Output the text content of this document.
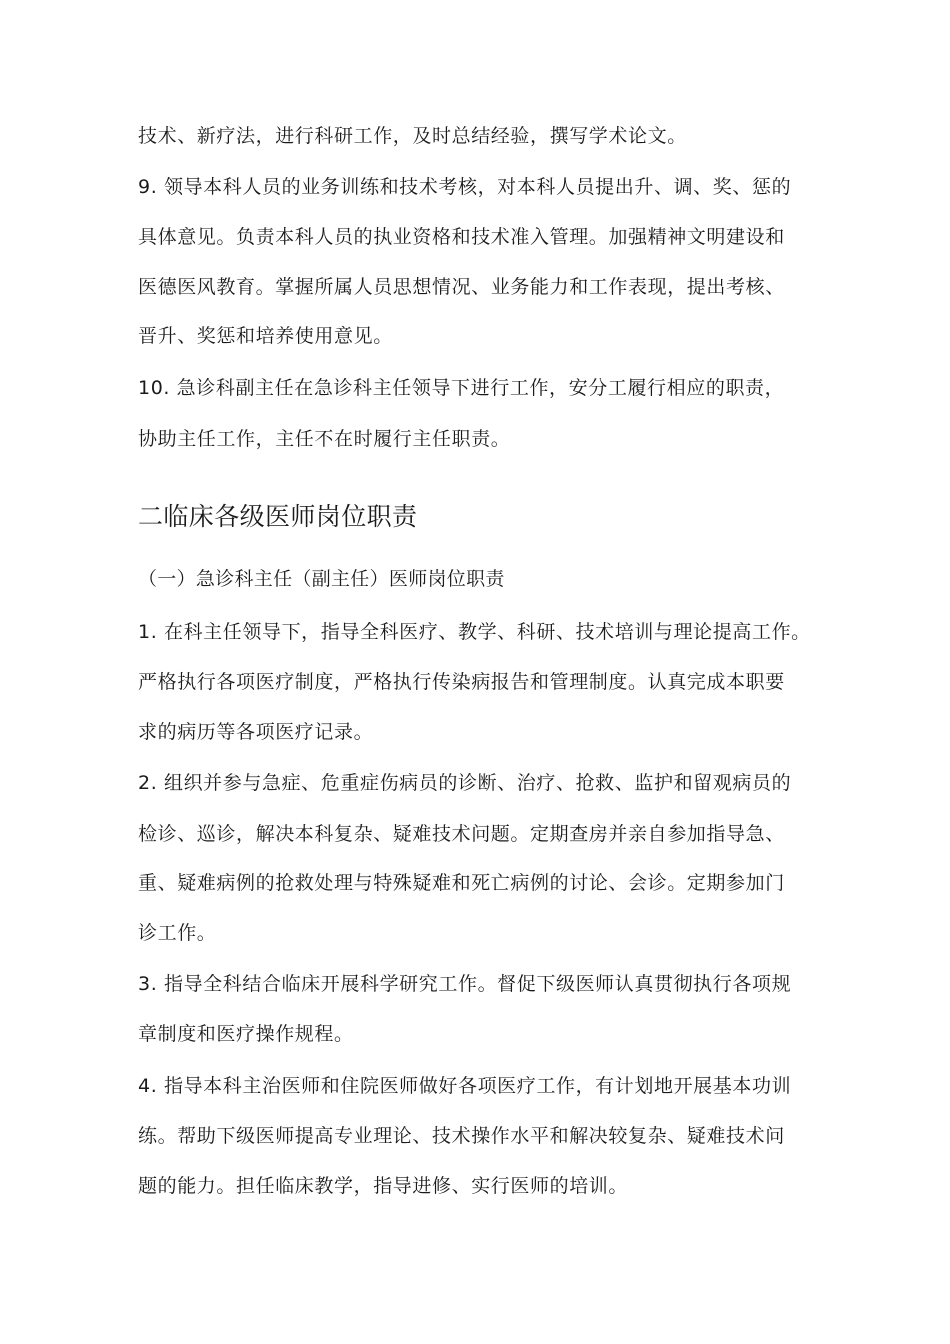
技术、新疗法，进行科研工作，及时总结经验，撰写学术论文。
9. 领导本科人员的业务训练和技术考核，对本科人员提出升、调、奖、惩的
具体意见。负责本科人员的执业资格和技术准入管理。加强精神文明建设和
医德医风教育。掌握所属人员思想情况、业务能力和工作表现，提出考核、
晋升、奖惩和培养使用意见。
10. 急诊科副主任在急诊科主任领导下进行工作，安分工履行相应的职责，
协助主任工作，主任不在时履行主任职责。
二临床各级医师岗位职责
（一）急诊科主任（副主任）医师岗位职责
1. 在科主任领导下，指导全科医疗、教学、科研、技术培训与理论提高工作。
严格执行各项医疗制度，严格执行传染病报告和管理制度。认真完成本职要
求的病历等各项医疗记录。
2. 组织并参与急症、危重症伤病员的诊断、治疗、抢救、监护和留观病员的
检诊、巡诊，解决本科复杂、疑难技术问题。定期查房并亲自参加指导急、
重、疑难病例的抢救处理与特殊疑难和死亡病例的讨论、会诊。定期参加门
诊工作。
3. 指导全科结合临床开展科学研究工作。督促下级医师认真贯彻执行各项规
章制度和医疗操作规程。
4. 指导本科主治医师和住院医师做好各项医疗工作，有计划地开展基本功训
练。帮助下级医师提高专业理论、技术操作水平和解决较复杂、疑难技术问
题的能力。担任临床教学，指导进修、实行医师的培训。
